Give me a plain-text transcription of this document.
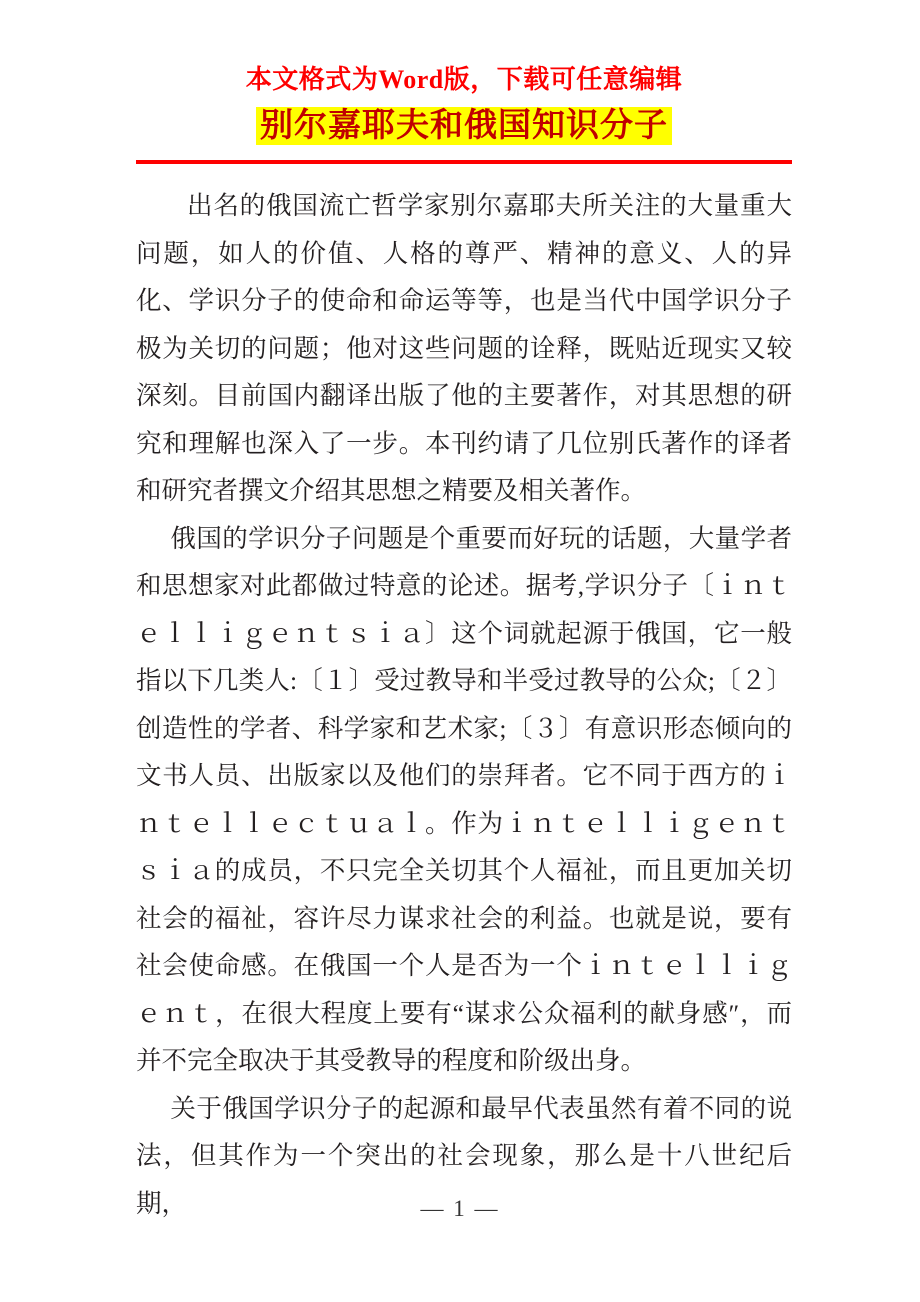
本文格式为Word版，下载可任意编辑
别尔嘉耶夫和俄国知识分子

出名的俄国流亡哲学家别尔嘉耶夫所关注的大量重大问题，如人的价值、人格的尊严、精神的意义、人的异化、学识分子的使命和命运等等，也是当代中国学识分子极为关切的问题；他对这些问题的诠释，既贴近现实又较深刻。目前国内翻译出版了他的主要著作，对其思想的研究和理解也深入了一步。本刊约请了几位别氏著作的译者和研究者撰文介绍其思想之精要及相关著作。

俄国的学识分子问题是个重要而好玩的话题，大量学者和思想家对此都做过特意的论述。据考,学识分子〔ｉｎｔｅｌｌｉｇｅｎｔｓｉａ〕这个词就起源于俄国，它一般指以下几类人:〔１〕受过教导和半受过教导的公众;〔２〕创造性的学者、科学家和艺术家;〔３〕有意识形态倾向的文书人员、出版家以及他们的崇拜者。它不同于西方的ｉｎｔｅｌｌｅｃｔｕａｌ。作为ｉｎｔｅｌｌｉｇｅｎｔｓｉａ的成员，不只完全关切其个人福祉，而且更加关切社会的福祉，容许尽力谋求社会的利益。也就是说，要有社会使命感。在俄国一个人是否为一个ｉｎｔｅｌｌｉｇｅｎｔ，在很大程度上要有“谋求公众福利的献身感″，而并不完全取决于其受教导的程度和阶级出身。

关于俄国学识分子的起源和最早代表虽然有着不同的说法，但其作为一个突出的社会现象，那么是十八世纪后期，	— 1 —
